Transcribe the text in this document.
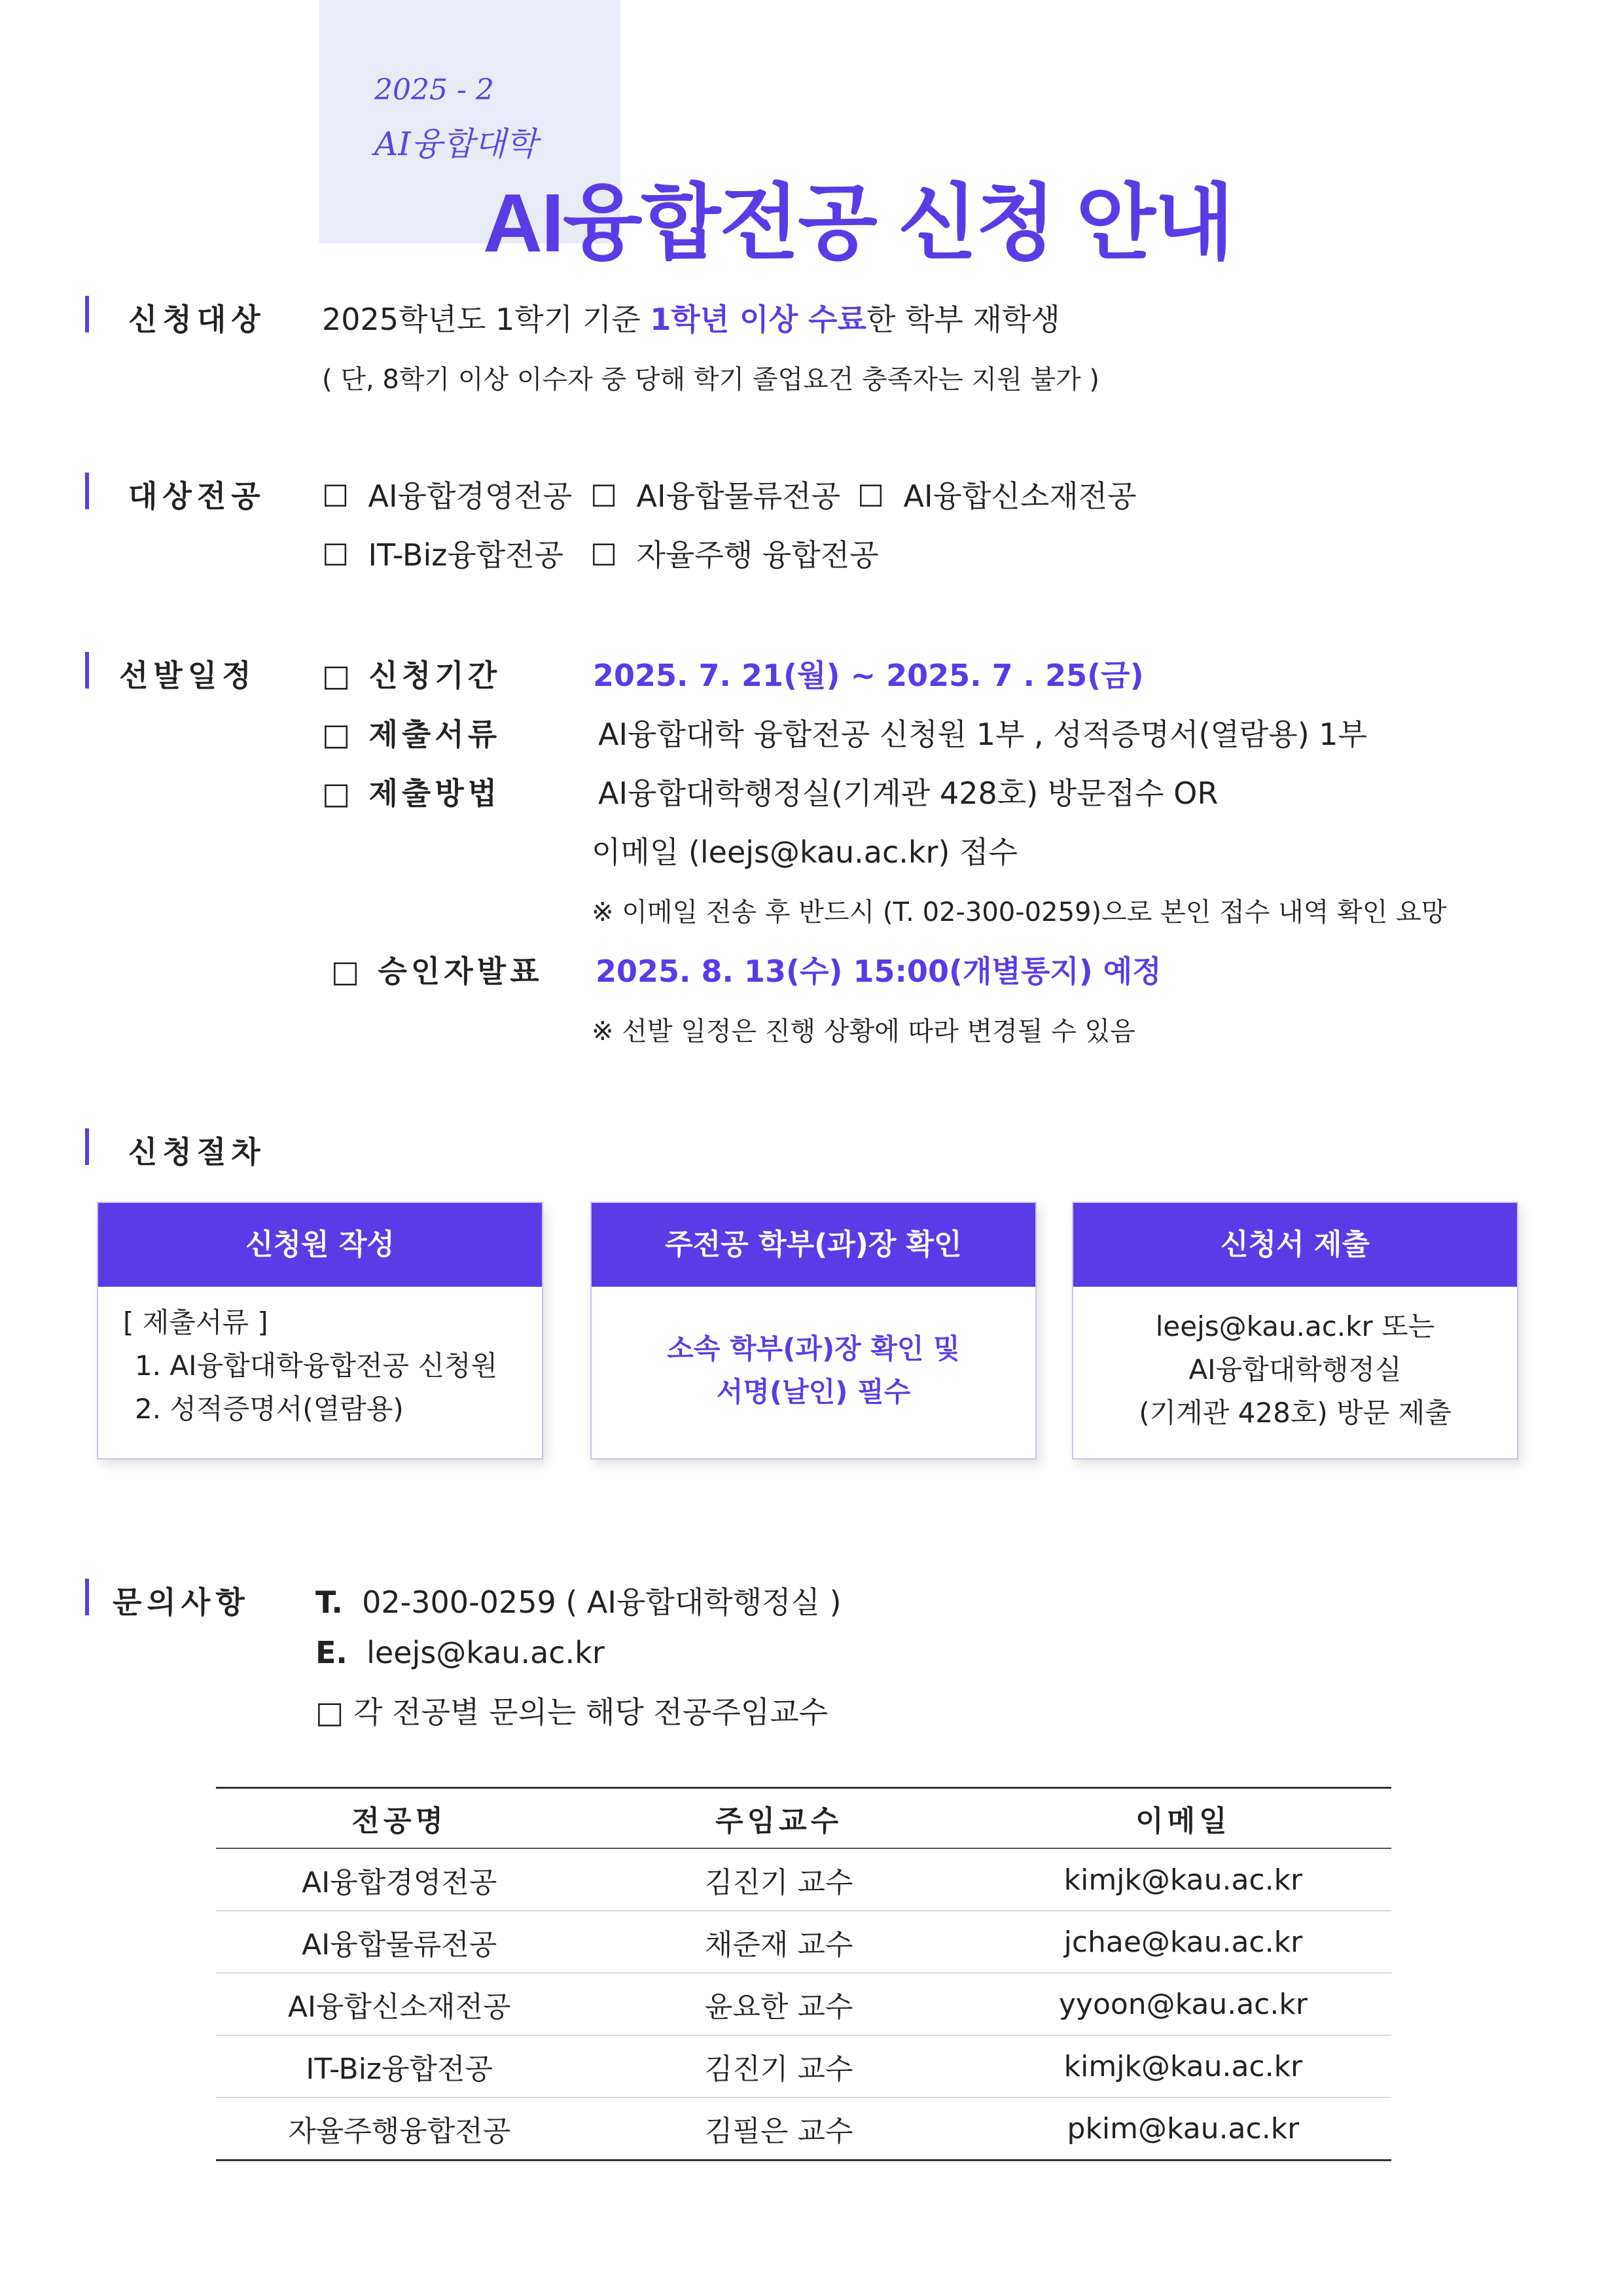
2025 - 2
AI융합대학
AI융합전공 신청 안내
신청대상 2025학년도 1학기 기준 1학년 이상 수료한 학부 재학생
( 단, 8학기 이상 이수자 중 당해 학기 졸업요건 충족자는 지원 불가 )
대상전공 ☐  AI융합경영전공 ☐  AI융합물류전공 ☐  AI융합신소재전공
☐  IT-Biz융합전공 ☐  자율주행 융합전공
선발일정 □ 신청기간	2025. 7. 21(월) ~ 2025. 7 . 25(금)
□ 제출서류	AI융합대학 융합전공 신청원 1부 , 성적증명서(열람용) 1부
□ 제출방법	AI융합대학행정실(기계관 428호) 방문접수 OR
이메일 (leejs@kau.ac.kr) 접수
※ 이메일 전송 후 반드시 (T. 02-300-0259)으로 본인 접수 내역 확인 요망
□ 승인자발표 2025. 8. 13(수) 15:00(개별통지) 예정
※ 선발 일정은 진행 상황에 따라 변경될 수 있음
신청절차
신청원 작성
[ 제출서류 ]
1. AI융합대학융합전공 신청원
2. 성적증명서(열람용)
주전공 학부(과)장 확인
소속 학부(과)장 확인 및
서명(날인) 필수
신청서 제출
leejs@kau.ac.kr 또는
AI융합대학행정실
(기계관 428호) 방문 제출
문의사항 T. 02-300-0259 ( AI융합대학행정실 )
E. leejs@kau.ac.kr
□ 각 전공별 문의는 해당 전공주임교수
전공명	주임교수	이메일
AI융합경영전공	김진기 교수	kimjk@kau.ac.kr
AI융합물류전공	채준재 교수	jchae@kau.ac.kr
AI융합신소재전공	윤요한 교수	yyoon@kau.ac.kr
IT-Biz융합전공	김진기 교수	kimjk@kau.ac.kr
자율주행융합전공	김필은 교수	pkim@kau.ac.kr
